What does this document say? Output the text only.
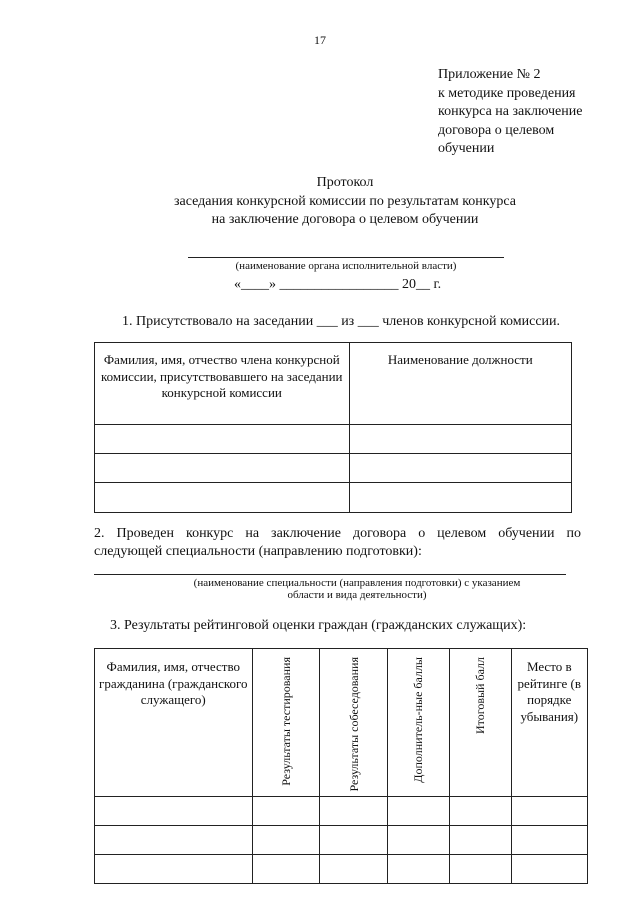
17
Приложение № 2
к методике проведения
конкурса на заключение
договора о целевом
обучении
Протокол
заседания конкурсной комиссии по результатам конкурса
на заключение договора о целевом обучении
(наименование органа исполнительной власти)
«____» _________________ 20__ г.
1. Присутствовало на заседании ___ из ___ членов конкурсной комиссии.
Фамилия, имя, отчество члена конкурсной комиссии, присутствовавшего на заседании конкурсной комиссии	Наименование должности

2. Проведен конкурс на заключение договора о целевом обучении по
следующей специальности (направлению подготовки):
(наименование специальности (направления подготовки) с указанием
области и вида деятельности)
3. Результаты рейтинговой оценки граждан (гражданских служащих):
Фамилия, имя, отчество гражданина (гражданского служащего)	Результаты тестирования	Результаты собеседования	Дополнитель-ные баллы	Итоговый балл	Место в рейтинге (в порядке убывания)
